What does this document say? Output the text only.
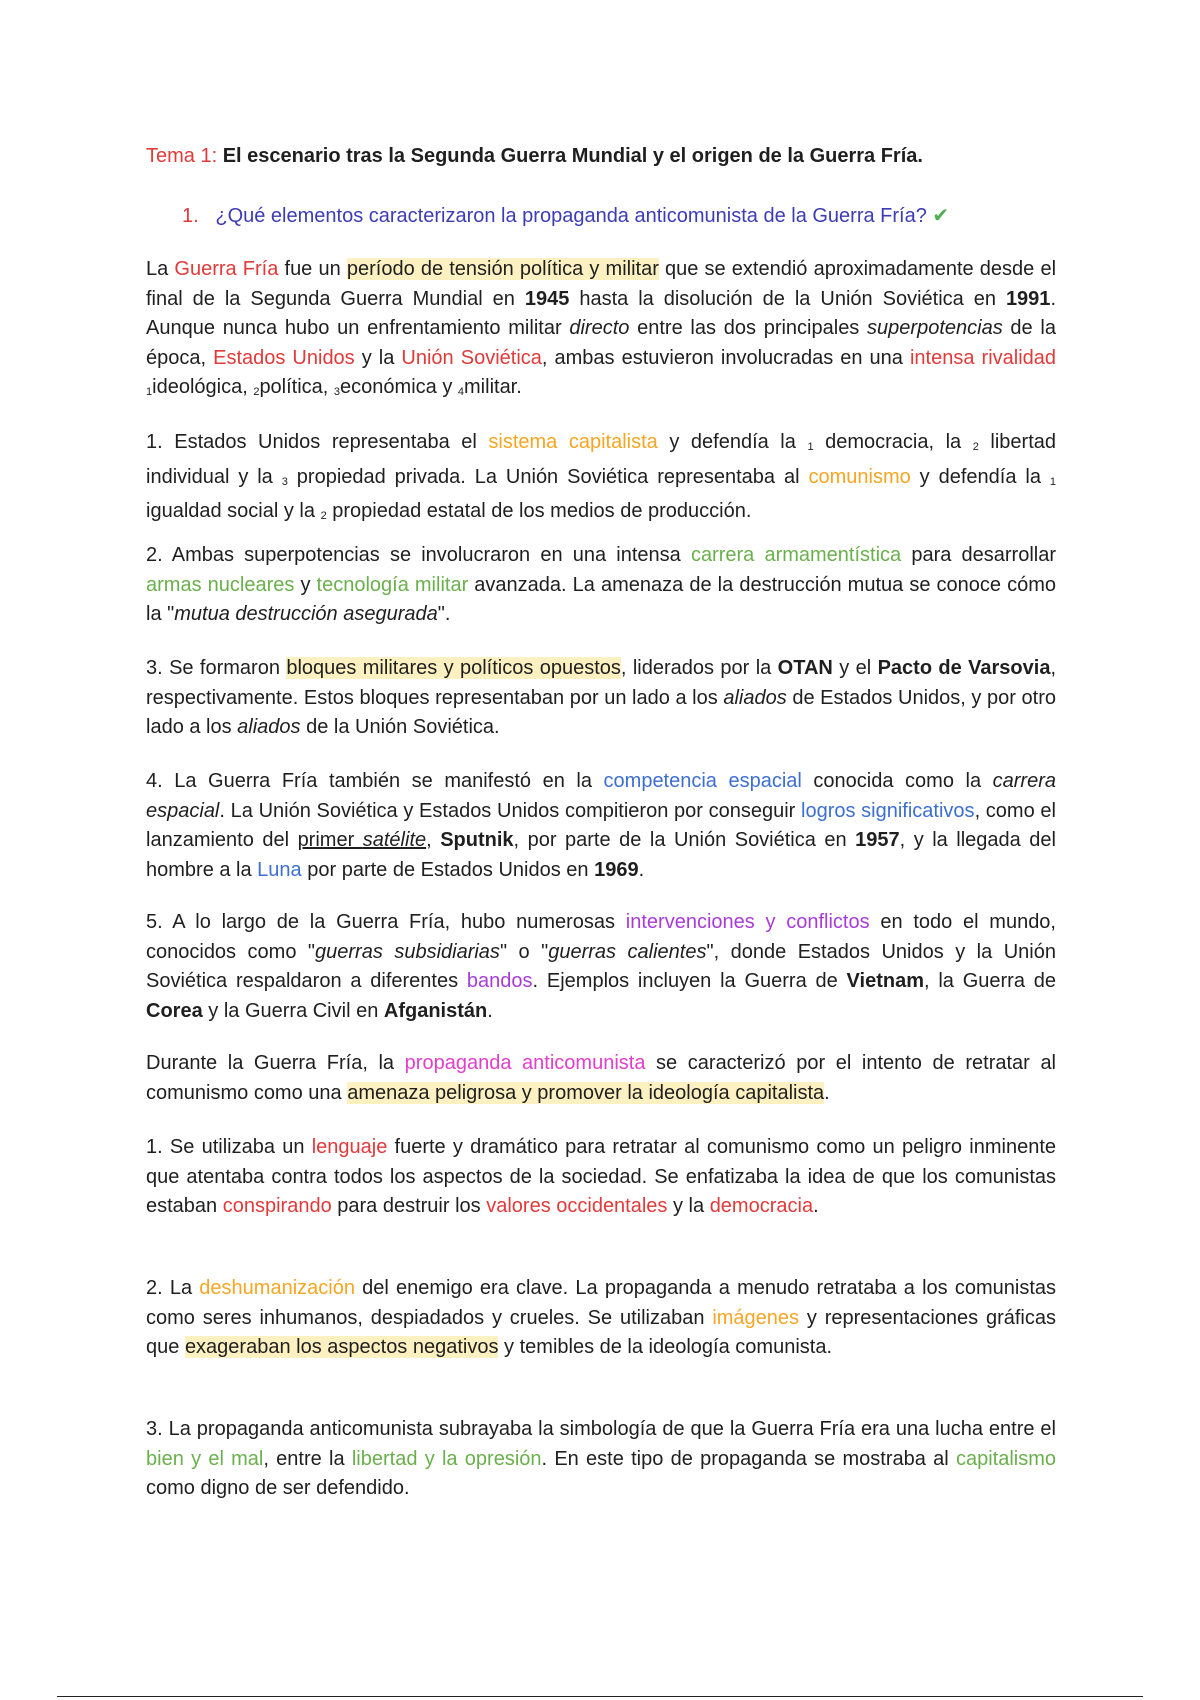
Tema 1: El escenario tras la Segunda Guerra Mundial y el origen de la Guerra Fría.
1. ¿Qué elementos caracterizaron la propaganda anticomunista de la Guerra Fría? ✔
La Guerra Fría fue un período de tensión política y militar que se extendió aproximadamente desde el final de la Segunda Guerra Mundial en 1945 hasta la disolución de la Unión Soviética en 1991. Aunque nunca hubo un enfrentamiento militar directo entre las dos principales superpotencias de la época, Estados Unidos y la Unión Soviética, ambas estuvieron involucradas en una intensa rivalidad 1ideológica, 2política, 3económica y 4militar.
1. Estados Unidos representaba el sistema capitalista y defendía la 1 democracia, la 2 libertad individual y la 3 propiedad privada. La Unión Soviética representaba al comunismo y defendía la 1 igualdad social y la 2 propiedad estatal de los medios de producción.
2. Ambas superpotencias se involucraron en una intensa carrera armamentística para desarrollar armas nucleares y tecnología militar avanzada. La amenaza de la destrucción mutua se conoce cómo la "mutua destrucción asegurada".
3. Se formaron bloques militares y políticos opuestos, liderados por la OTAN y el Pacto de Varsovia, respectivamente. Estos bloques representaban por un lado a los aliados de Estados Unidos, y por otro lado a los aliados de la Unión Soviética.
4. La Guerra Fría también se manifestó en la competencia espacial conocida como la carrera espacial. La Unión Soviética y Estados Unidos compitieron por conseguir logros significativos, como el lanzamiento del primer satélite, Sputnik, por parte de la Unión Soviética en 1957, y la llegada del hombre a la Luna por parte de Estados Unidos en 1969.
5. A lo largo de la Guerra Fría, hubo numerosas intervenciones y conflictos en todo el mundo, conocidos como "guerras subsidiarias" o "guerras calientes", donde Estados Unidos y la Unión Soviética respaldaron a diferentes bandos. Ejemplos incluyen la Guerra de Vietnam, la Guerra de Corea y la Guerra Civil en Afganistán.
Durante la Guerra Fría, la propaganda anticomunista se caracterizó por el intento de retratar al comunismo como una amenaza peligrosa y promover la ideología capitalista.
1. Se utilizaba un lenguaje fuerte y dramático para retratar al comunismo como un peligro inminente que atentaba contra todos los aspectos de la sociedad. Se enfatizaba la idea de que los comunistas estaban conspirando para destruir los valores occidentales y la democracia.
2. La deshumanización del enemigo era clave. La propaganda a menudo retrataba a los comunistas como seres inhumanos, despiadados y crueles. Se utilizaban imágenes y representaciones gráficas que exageraban los aspectos negativos y temibles de la ideología comunista.
3. La propaganda anticomunista subrayaba la simbología de que la Guerra Fría era una lucha entre el bien y el mal, entre la libertad y la opresión. En este tipo de propaganda se mostraba al capitalismo como digno de ser defendido.
